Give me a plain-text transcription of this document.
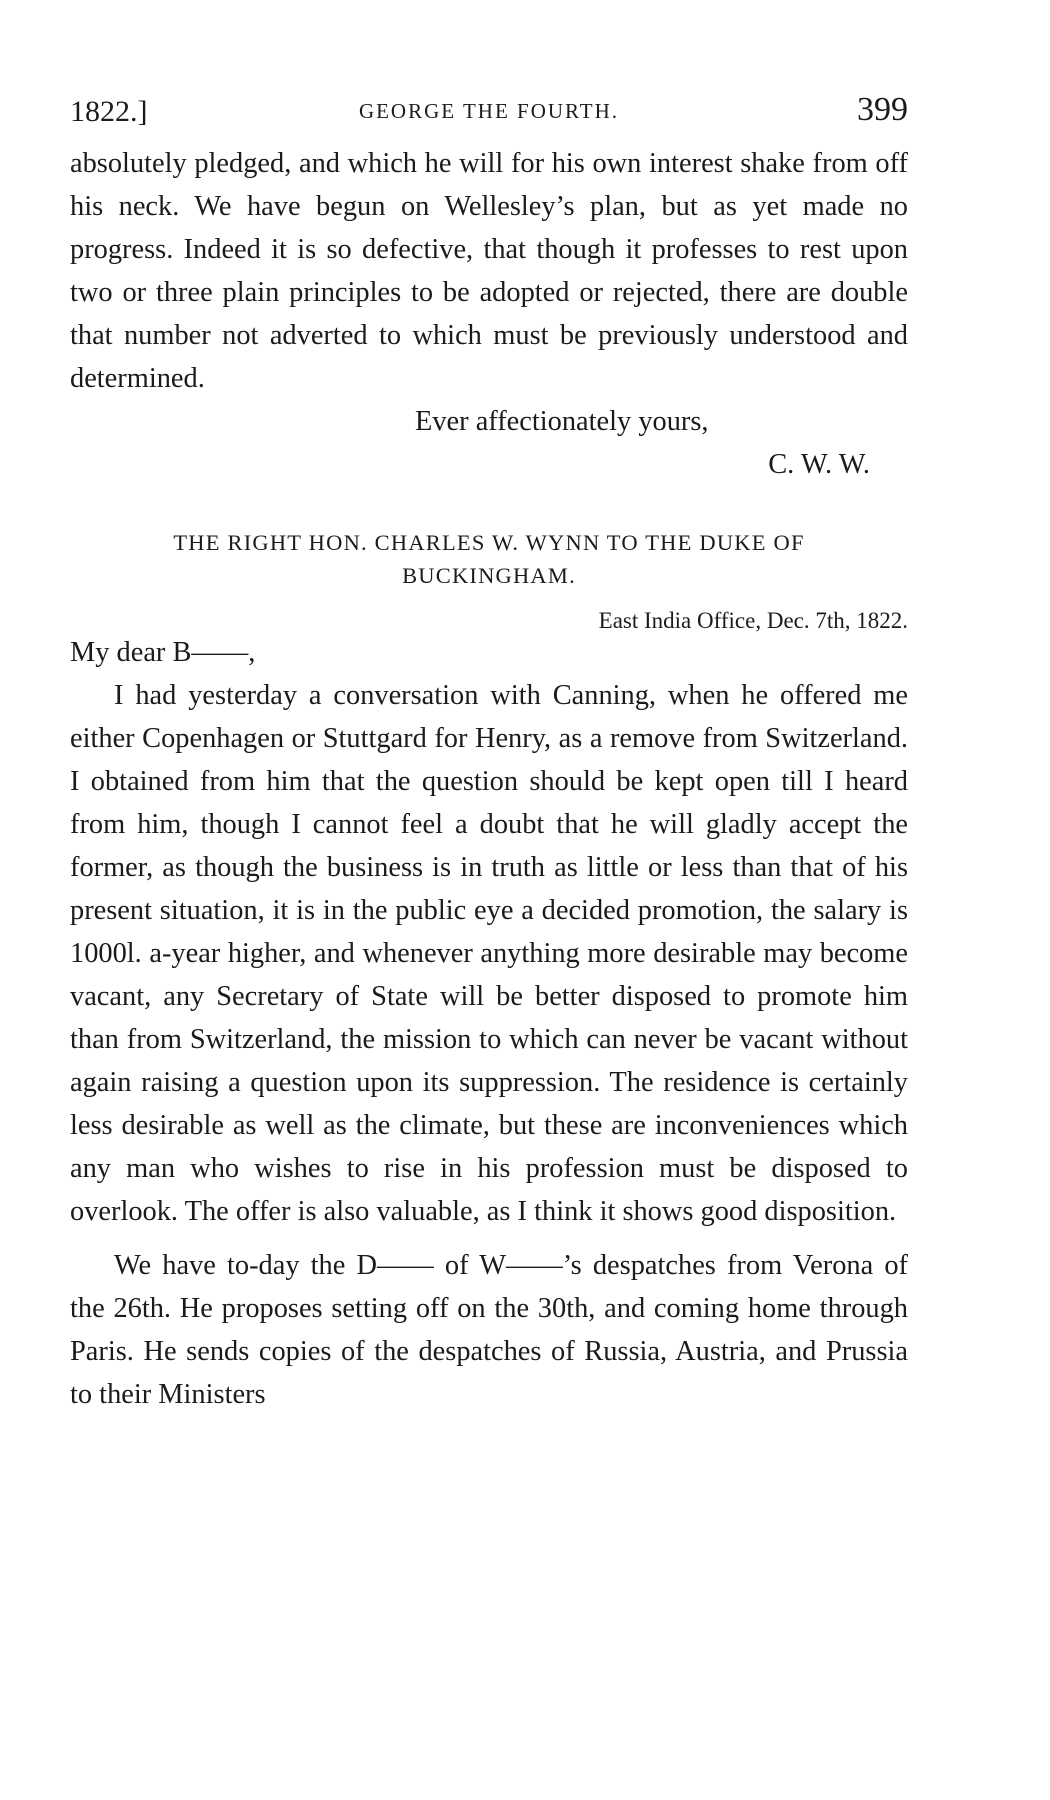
1822.]	GEORGE THE FOURTH.	399

absolutely pledged, and which he will for his own interest shake from off his neck. We have begun on Wellesley’s plan, but as yet made no progress. Indeed it is so defective, that though it professes to rest upon two or three plain principles to be adopted or rejected, there are double that number not adverted to which must be previously understood and determined.

Ever affectionately yours,
C. W. W.
THE RIGHT HON. CHARLES W. WYNN TO THE DUKE OF BUCKINGHAM.
East India Office, Dec. 7th, 1822.
My dear B——,

I had yesterday a conversation with Canning, when he offered me either Copenhagen or Stuttgard for Henry, as a remove from Switzerland. I obtained from him that the question should be kept open till I heard from him, though I cannot feel a doubt that he will gladly accept the former, as though the business is in truth as little or less than that of his present situation, it is in the public eye a decided promotion, the salary is 1000l. a-year higher, and whenever anything more desirable may become vacant, any Secretary of State will be better disposed to promote him than from Switzerland, the mission to which can never be vacant without again raising a question upon its suppression. The residence is certainly less desirable as well as the climate, but these are inconveniences which any man who wishes to rise in his profession must be disposed to overlook. The offer is also valuable, as I think it shows good disposition.

We have to-day the D—— of W——’s despatches from Verona of the 26th. He proposes setting off on the 30th, and coming home through Paris. He sends copies of the despatches of Russia, Austria, and Prussia to their Ministers
